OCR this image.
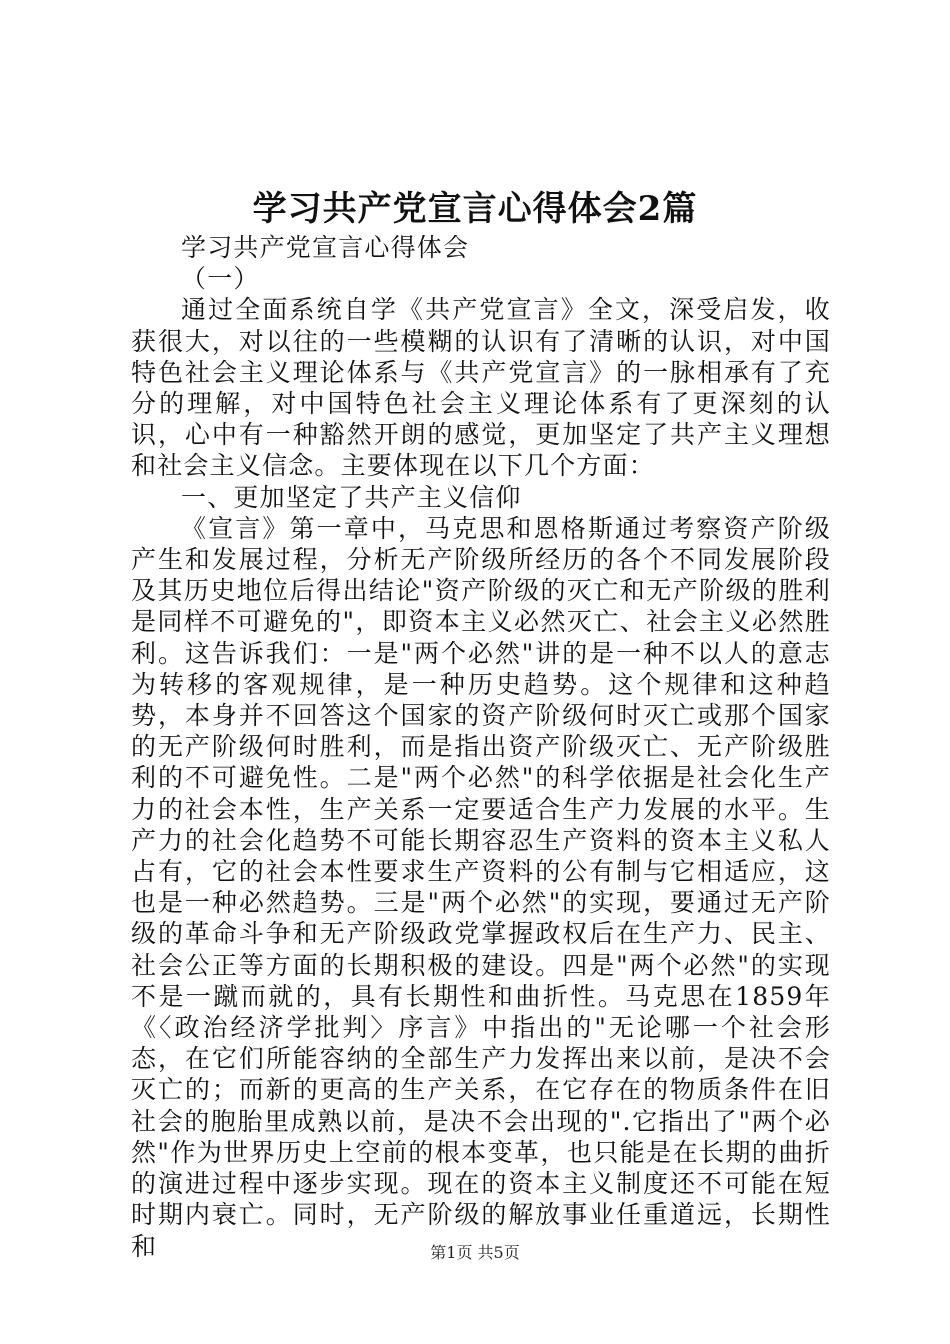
学习共产党宣言心得体会2篇

学习共产党宣言心得体会

（一）

通过全面系统自学《共产党宣言》全文，深受启发，收获很大，对以往的一些模糊的认识有了清晰的认识，对中国特色社会主义理论体系与《共产党宣言》的一脉相承有了充分的理解，对中国特色社会主义理论体系有了更深刻的认识，心中有一种豁然开朗的感觉，更加坚定了共产主义理想和社会主义信念。主要体现在以下几个方面：

一、更加坚定了共产主义信仰

《宣言》第一章中，马克思和恩格斯通过考察资产阶级产生和发展过程，分析无产阶级所经历的各个不同发展阶段及其历史地位后得出结论"资产阶级的灭亡和无产阶级的胜利是同样不可避免的"，即资本主义必然灭亡、社会主义必然胜利。这告诉我们：一是"两个必然"讲的是一种不以人的意志为转移的客观规律，是一种历史趋势。这个规律和这种趋势，本身并不回答这个国家的资产阶级何时灭亡或那个国家的无产阶级何时胜利，而是指出资产阶级灭亡、无产阶级胜利的不可避免性。二是"两个必然"的科学依据是社会化生产力的社会本性，生产关系一定要适合生产力发展的水平。生产力的社会化趋势不可能长期容忍生产资料的资本主义私人占有，它的社会本性要求生产资料的公有制与它相适应，这也是一种必然趋势。三是"两个必然"的实现，要通过无产阶级的革命斗争和无产阶级政党掌握政权后在生产力、民主、社会公正等方面的长期积极的建设。四是"两个必然"的实现不是一蹴而就的，具有长期性和曲折性。马克思在1859年《〈政治经济学批判〉序言》中指出的"无论哪一个社会形态，在它们所能容纳的全部生产力发挥出来以前，是决不会灭亡的；而新的更高的生产关系，在它存在的物质条件在旧社会的胞胎里成熟以前，是决不会出现的".它指出了"两个必然"作为世界历史上空前的根本变革，也只能是在长期的曲折的演进过程中逐步实现。现在的资本主义制度还不可能在短时期内衰亡。同时，无产阶级的解放事业任重道远，长期性和	第1页 共5页
